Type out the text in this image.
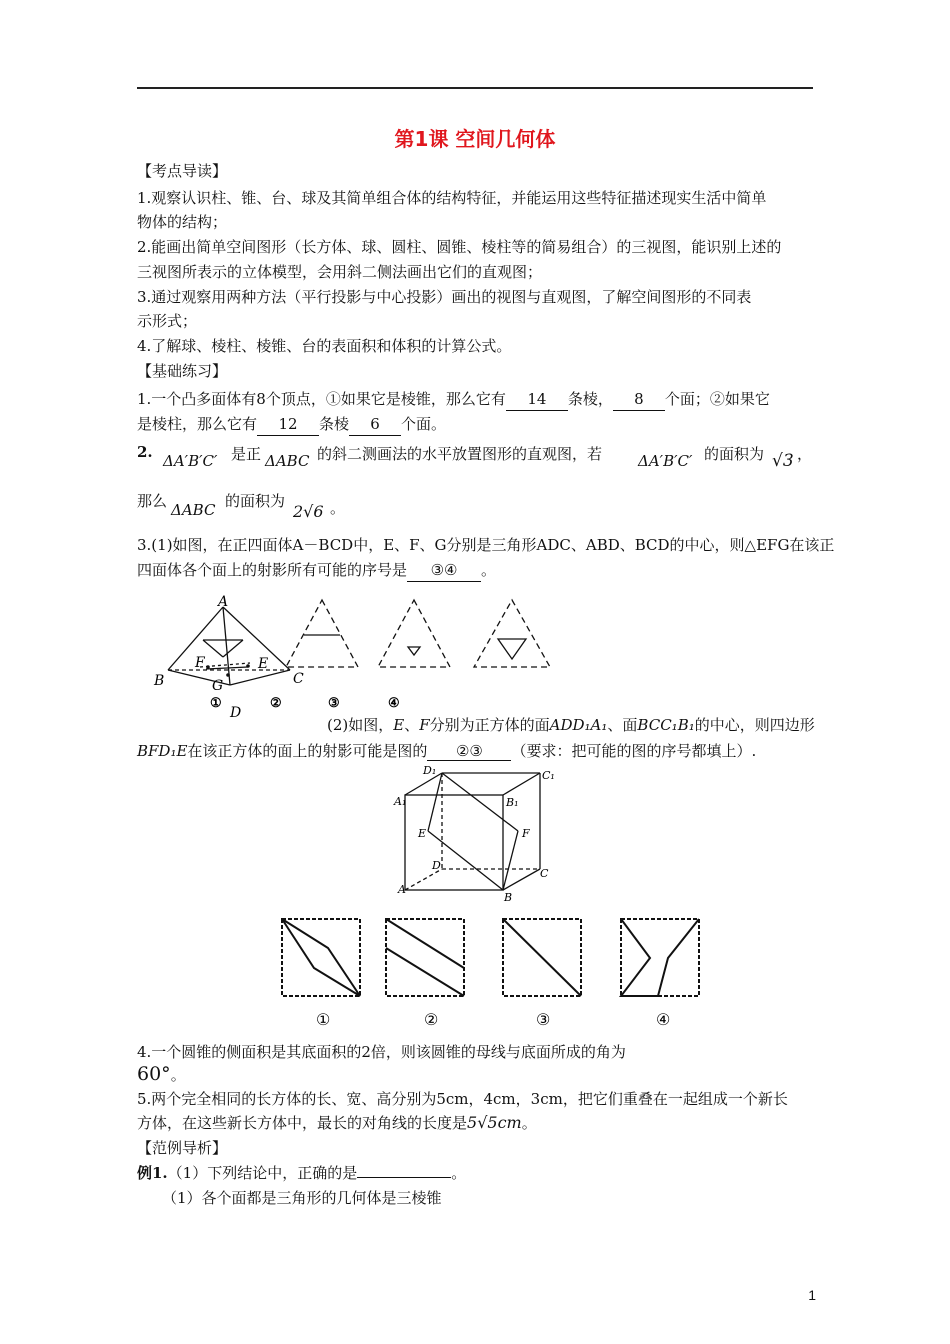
第1课 空间几何体
【考点导读】
1.观察认识柱、锥、台、球及其简单组合体的结构特征，并能运用这些特征描述现实生活中简单
物体的结构；
2.能画出简单空间图形（长方体、球、圆柱、圆锥、棱柱等的简易组合）的三视图，能识别上述的
三视图所表示的立体模型，会用斜二侧法画出它们的直观图；
3.通过观察用两种方法（平行投影与中心投影）画出的视图与直观图，了解空间图形的不同表
示形式；
4.了解球、棱柱、棱锥、台的表面积和体积的计算公式。
【基础练习】
1.一个凸多面体有8个顶点，①如果它是棱锥，那么它有 14 条棱， 8 个面；②如果它
是棱柱，那么它有 12 条棱 6 个面。
2. ΔA′B′C′ 是正 ΔABC 的斜二测画法的水平放置图形的直观图，若 ΔA′B′C′ 的面积为 √3 ，
那么 ΔABC 的面积为
2√6 。
3.(1)如图，在正四面体A－BCD中，E、F、G分别是三角形ADC、ABD、BCD的中心，则△EFG在该正
四面体各个面上的射影所有可能的序号是 ③④ 。
A
B	C
D
E
F
G
①	②	③	④
(2)如图，E、F分别为正方体的面ADD₁A₁、面BCC₁B₁的中心，则四边形
BFD₁E在该正方体的面上的射影可能是图的 ②③ （要求：把可能的图的序号都填上）.
D₁	C₁
A₁	B₁
E	F
D
C
A
B
①	②	③	④
4.一个圆锥的侧面积是其底面积的2倍，则该圆锥的母线与底面所成的角为
60°。
5.两个完全相同的长方体的长、宽、高分别为5cm，4cm，3cm，把它们重叠在一起组成一个新长
方体，在这些新长方体中，最长的对角线的长度是5√5cm。
【范例导析】
例1.（1）下列结论中，正确的是	。
（1）各个面都是三角形的几何体是三棱锥
1
